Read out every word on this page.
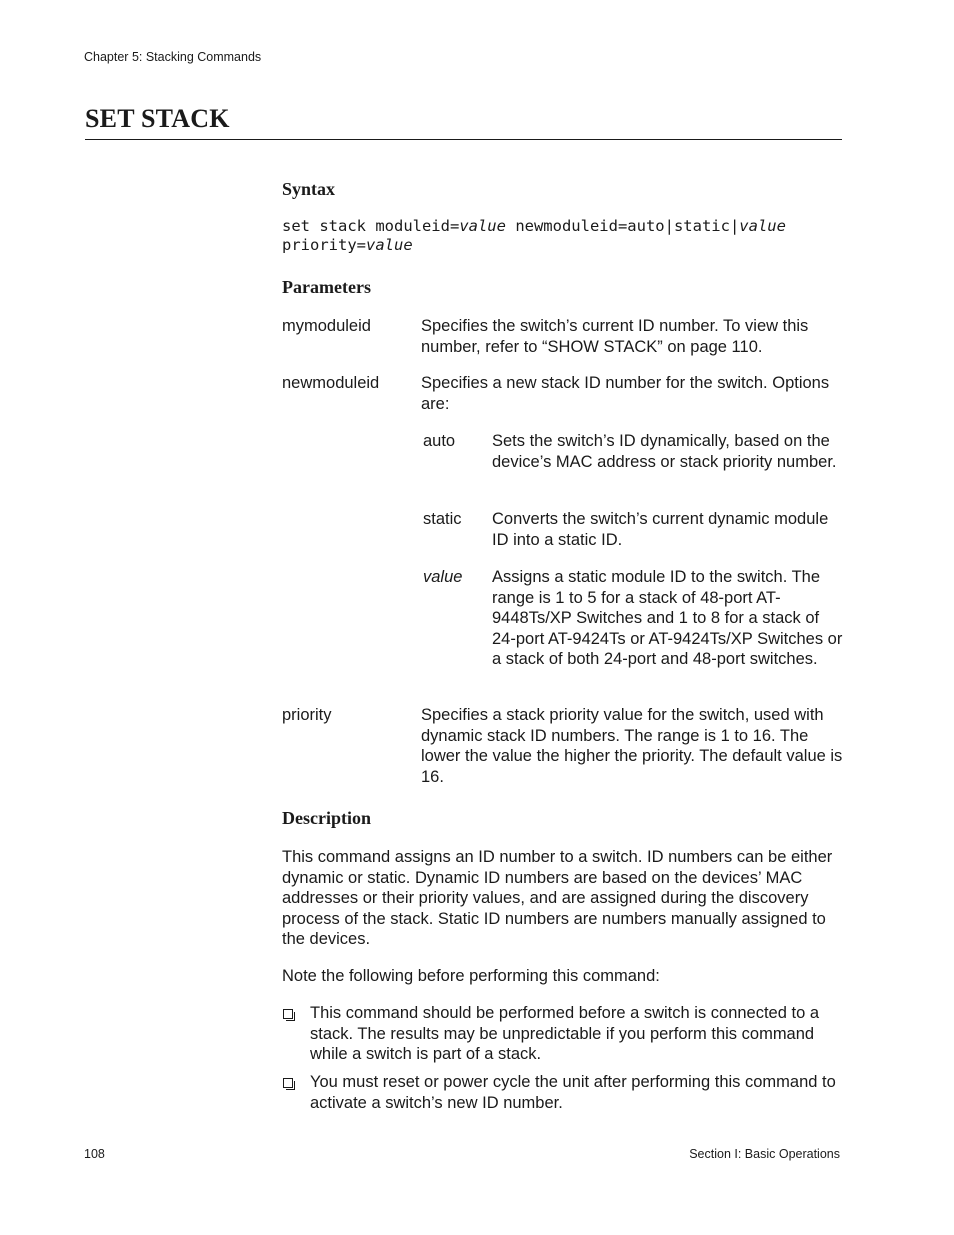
Chapter 5: Stacking Commands
SET STACK
Syntax
set stack moduleid=value newmoduleid=auto|static|value
priority=value
Parameters
mymoduleid	Specifies the switch’s current ID number. To view this number, refer to “SHOW STACK” on page 110.
newmoduleid	Specifies a new stack ID number for the switch. Options are:
auto Sets the switch’s ID dynamically, based on the device’s MAC address or stack priority number.
static Converts the switch’s current dynamic module ID into a static ID.
value Assigns a static module ID to the switch. The range is 1 to 5 for a stack of 48-port AT-9448Ts/XP Switches and 1 to 8 for a stack of 24-port AT-9424Ts or AT-9424Ts/XP Switches or a stack of both 24-port and 48-port switches.
priority	Specifies a stack priority value for the switch, used with dynamic stack ID numbers. The range is 1 to 16. The lower the value the higher the priority. The default value is 16.
Description
This command assigns an ID number to a switch. ID numbers can be either dynamic or static. Dynamic ID numbers are based on the devices’ MAC addresses or their priority values, and are assigned during the discovery process of the stack. Static ID numbers are numbers manually assigned to the devices.
Note the following before performing this command:
This command should be performed before a switch is connected to a stack. The results may be unpredictable if you perform this command while a switch is part of a stack.
You must reset or power cycle the unit after performing this command to activate a switch’s new ID number.
108	Section I: Basic Operations
